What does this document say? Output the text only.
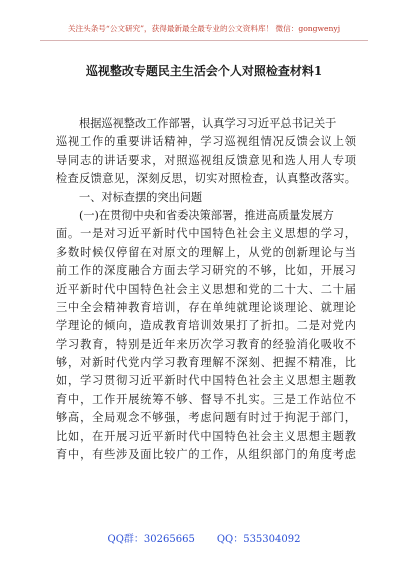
关注头条号“公文研究”，获得最新最全最专业的公文资料库！ 微信：gongwenyj
巡视整改专题民主生活会个人对照检查材料1
根据巡视整改工作部署，认真学习习近平总书记关于
巡视工作的重要讲话精神，学习巡视组情况反馈会议上领
导同志的讲话要求，对照巡视组反馈意见和选人用人专项
检查反馈意见，深刻反思，切实对照检查，认真整改落实。
一、对标查摆的突出问题
(一)在贯彻中央和省委决策部署，推进高质量发展方
面。一是对习近平新时代中国特色社会主义思想的学习，
多数时候仅停留在对原文的理解上，从党的创新理论与当
前工作的深度融合方面去学习研究的不够，比如，开展习
近平新时代中国特色社会主义思想和党的二十大、二十届
三中全会精神教育培训，存在单纯就理论谈理论、就理论
学理论的倾向，造成教育培训效果打了折扣。二是对党内
学习教育，特别是近年来历次学习教育的经验消化吸收不
够，对新时代党内学习教育理解不深刻、把握不精准，比
如，学习贯彻习近平新时代中国特色社会主义思想主题教
育中，工作开展统筹不够、督导不扎实。三是工作站位不
够高，全局观念不够强，考虑问题有时过于拘泥于部门，
比如，在开展习近平新时代中国特色社会主义思想主题教
育中，有些涉及面比较广的工作，从组织部门的角度考虑
QQ群：30265665 QQ：535304092
